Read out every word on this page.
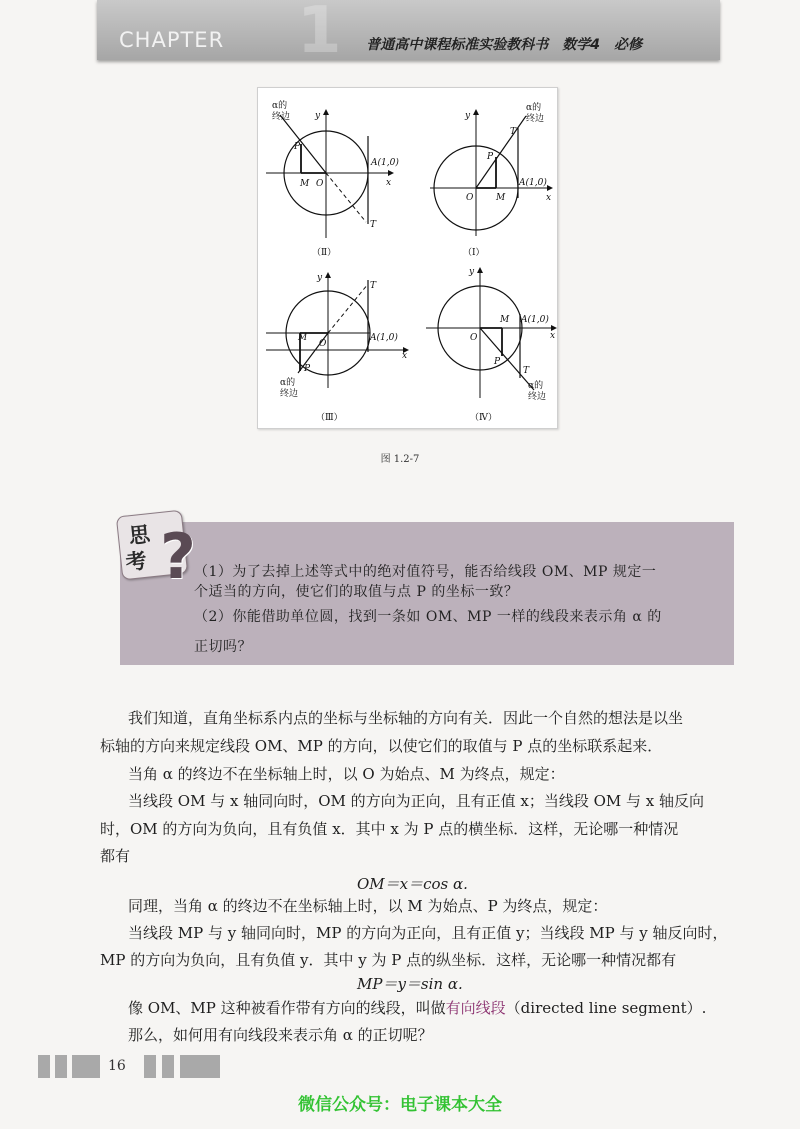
1
CHAPTER	普通高中课程标准实验教科书　数学4　必修
α的
终边
P
M O
A(1,0)
T
x
y
（Ⅱ）
α的
终边
T
P
O	M
A(1,0)
x
y
（Ⅰ）
T
M
O
A(1,0)
P
x
y
α的
终边
（Ⅲ）
M
O
A(1,0)
P
T
x
y
α的
终边
（Ⅳ）
图 1.2-7
思
考 ?
（1）为了去掉上述等式中的绝对值符号，能否给线段 OM、MP 规定一
个适当的方向，使它们的取值与点 P 的坐标一致？
（2）你能借助单位圆，找到一条如 OM、MP 一样的线段来表示角 α 的
正切吗？
我们知道，直角坐标系内点的坐标与坐标轴的方向有关．因此一个自然的想法是以坐
标轴的方向来规定线段 OM、MP 的方向，以使它们的取值与 P 点的坐标联系起来．
当角 α 的终边不在坐标轴上时，以 O 为始点、M 为终点，规定：
当线段 OM 与 x 轴同向时，OM 的方向为正向，且有正值 x；当线段 OM 与 x 轴反向
时，OM 的方向为负向，且有负值 x．其中 x 为 P 点的横坐标．这样，无论哪一种情况
都有
OM＝x＝cos α.
同理，当角 α 的终边不在坐标轴上时，以 M 为始点、P 为终点，规定：
当线段 MP 与 y 轴同向时，MP 的方向为正向，且有正值 y；当线段 MP 与 y 轴反向时，
MP 的方向为负向，且有负值 y．其中 y 为 P 点的纵坐标．这样，无论哪一种情况都有
MP＝y＝sin α.
像 OM、MP 这种被看作带有方向的线段，叫做有向线段（directed line segment）.
那么，如何用有向线段来表示角 α 的正切呢？
16
微信公众号：电子课本大全
